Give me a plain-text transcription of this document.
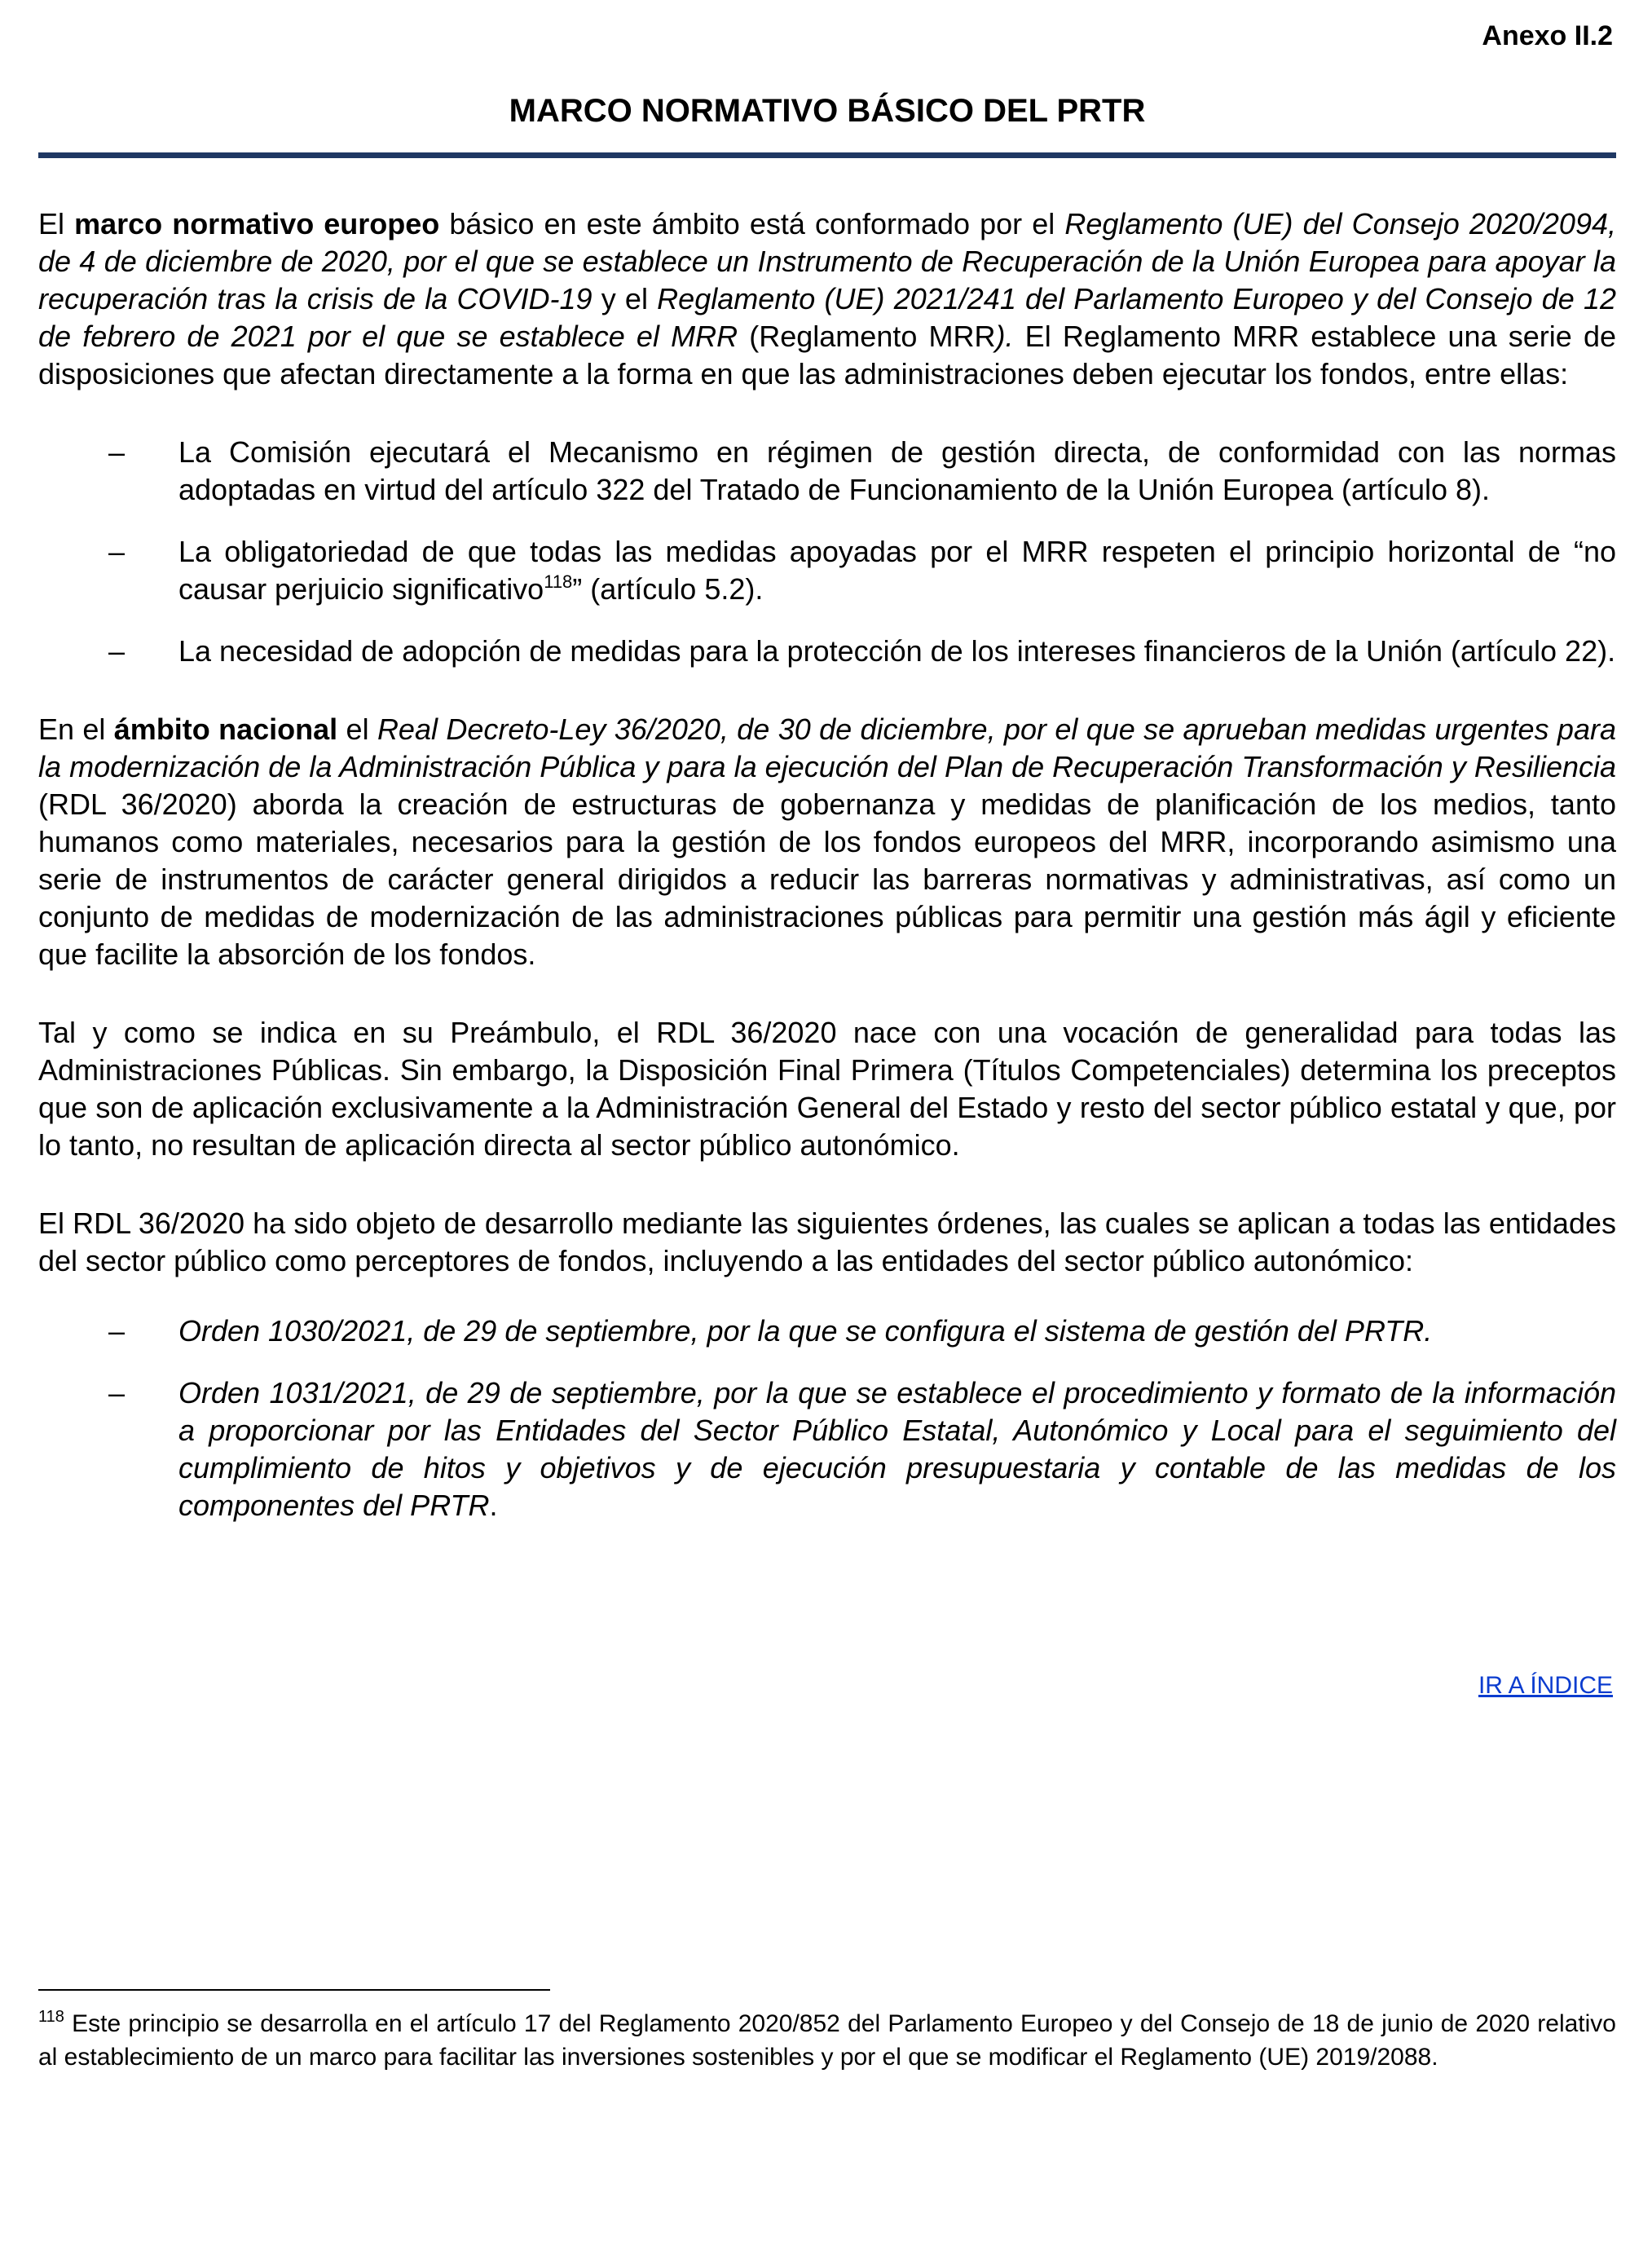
Anexo II.2
MARCO NORMATIVO BÁSICO DEL PRTR

El marco normativo europeo básico en este ámbito está conformado por el Reglamento (UE) del Consejo 2020/2094, de 4 de diciembre de 2020, por el que se establece un Instrumento de Recuperación de la Unión Europea para apoyar la recuperación tras la crisis de la COVID-19 y el Reglamento (UE) 2021/241 del Parlamento Europeo y del Consejo de 12 de febrero de 2021 por el que se establece el MRR (Reglamento MRR). El Reglamento MRR establece una serie de disposiciones que afectan directamente a la forma en que las administraciones deben ejecutar los fondos, entre ellas:

– La Comisión ejecutará el Mecanismo en régimen de gestión directa, de conformidad con las normas adoptadas en virtud del artículo 322 del Tratado de Funcionamiento de la Unión Europea (artículo 8).
– La obligatoriedad de que todas las medidas apoyadas por el MRR respeten el principio horizontal de “no causar perjuicio significativo$^{118}$” (artículo 5.2).
– La necesidad de adopción de medidas para la protección de los intereses financieros de la Unión (artículo 22).

En el ámbito nacional el Real Decreto-Ley 36/2020, de 30 de diciembre, por el que se aprueban medidas urgentes para la modernización de la Administración Pública y para la ejecución del Plan de Recuperación Transformación y Resiliencia (RDL 36/2020) aborda la creación de estructuras de gobernanza y medidas de planificación de los medios, tanto humanos como materiales, necesarios para la gestión de los fondos europeos del MRR, incorporando asimismo una serie de instrumentos de carácter general dirigidos a reducir las barreras normativas y administrativas, así como un conjunto de medidas de modernización de las administraciones públicas para permitir una gestión más ágil y eficiente que facilite la absorción de los fondos.

Tal y como se indica en su Preámbulo, el RDL 36/2020 nace con una vocación de generalidad para todas las Administraciones Públicas. Sin embargo, la Disposición Final Primera (Títulos Competenciales) determina los preceptos que son de aplicación exclusivamente a la Administración General del Estado y resto del sector público estatal y que, por lo tanto, no resultan de aplicación directa al sector público autonómico.

El RDL 36/2020 ha sido objeto de desarrollo mediante las siguientes órdenes, las cuales se aplican a todas las entidades del sector público como perceptores de fondos, incluyendo a las entidades del sector público autonómico:

– Orden 1030/2021, de 29 de septiembre, por la que se configura el sistema de gestión del PRTR.
– Orden 1031/2021, de 29 de septiembre, por la que se establece el procedimiento y formato de la información a proporcionar por las Entidades del Sector Público Estatal, Autonómico y Local para el seguimiento del cumplimiento de hitos y objetivos y de ejecución presupuestaria y contable de las medidas de los componentes del PRTR.
IR A ÍNDICE
$^{118}$ Este principio se desarrolla en el artículo 17 del Reglamento 2020/852 del Parlamento Europeo y del Consejo de 18 de junio de 2020 relativo al establecimiento de un marco para facilitar las inversiones sostenibles y por el que se modificar el Reglamento (UE) 2019/2088.
